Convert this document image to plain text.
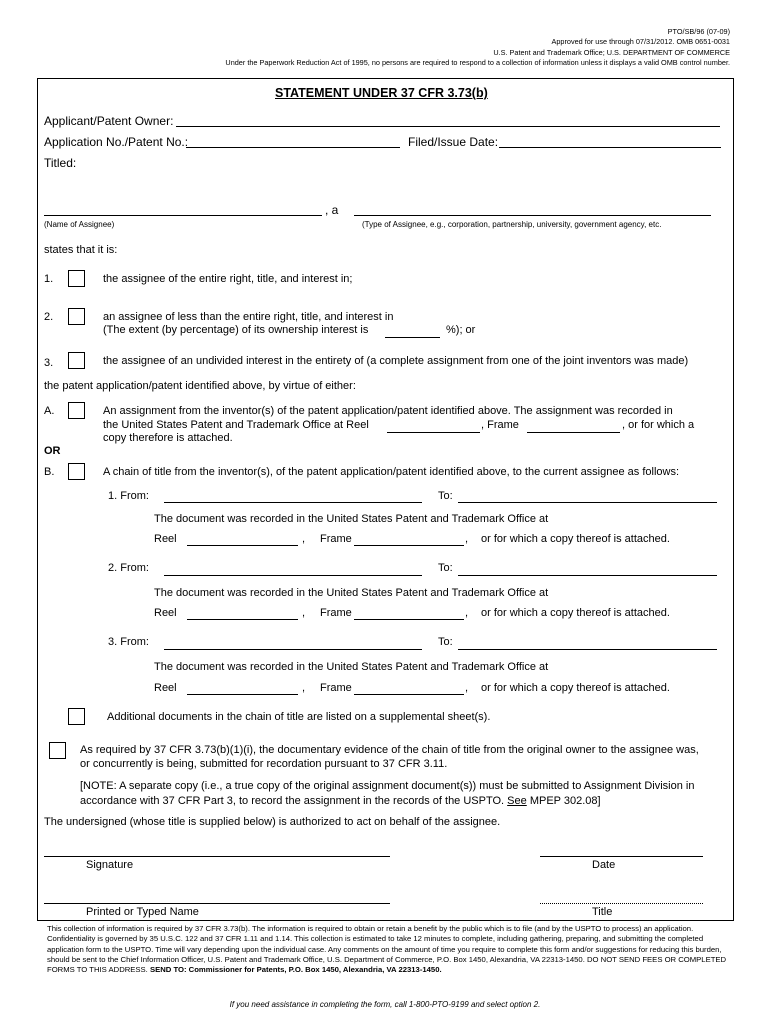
PTO/SB/96 (07-09)
Approved for use through 07/31/2012. OMB 0651-0031
U.S. Patent and Trademark Office; U.S. DEPARTMENT OF COMMERCE
Under the Paperwork Reduction Act of 1995, no persons are required to respond to a collection of information unless it displays a valid OMB control number.
STATEMENT UNDER 37 CFR 3.73(b)
Applicant/Patent Owner:
Application No./Patent No.:	Filed/Issue Date:
Titled:
, a
(Name of Assignee)	(Type of Assignee, e.g., corporation, partnership, university, government agency, etc.
states that it is:
1.	the assignee of the entire right, title, and interest in;
2.	an assignee of less than the entire right, title, and interest in
(The extent (by percentage) of its ownership interest is	%); or
3.	the assignee of an undivided interest in the entirety of (a complete assignment from one of the joint inventors was made)
the patent application/patent identified above, by virtue of either:
A.	An assignment from the inventor(s) of the patent application/patent identified above. The assignment was recorded in
the United States Patent and Trademark Office at Reel	, Frame	, or for which a
copy therefore is attached.
OR
B.	A chain of title from the inventor(s), of the patent application/patent identified above, to the current assignee as follows:
1. From:	To:
The document was recorded in the United States Patent and Trademark Office at
Reel	, Frame	, or for which a copy thereof is attached.
2. From:	To:
The document was recorded in the United States Patent and Trademark Office at
Reel	, Frame	, or for which a copy thereof is attached.
3. From:	To:
The document was recorded in the United States Patent and Trademark Office at
Reel	, Frame	, or for which a copy thereof is attached.
Additional documents in the chain of title are listed on a supplemental sheet(s).
As required by 37 CFR 3.73(b)(1)(i), the documentary evidence of the chain of title from the original owner to the assignee was,
or concurrently is being, submitted for recordation pursuant to 37 CFR 3.11.
[NOTE: A separate copy (i.e., a true copy of the original assignment document(s)) must be submitted to Assignment Division in
accordance with 37 CFR Part 3, to record the assignment in the records of the USPTO. See MPEP 302.08]
The undersigned (whose title is supplied below) is authorized to act on behalf of the assignee.
Signature	Date
Printed or Typed Name	Title
This collection of information is required by 37 CFR 3.73(b). The information is required to obtain or retain a benefit by the public which is to file (and by the USPTO to process) an application. Confidentiality is governed by 35 U.S.C. 122 and 37 CFR 1.11 and 1.14. This collection is estimated to take 12 minutes to complete, including gathering, preparing, and submitting the completed application form to the USPTO. Time will vary depending upon the individual case. Any comments on the amount of time you require to complete this form and/or suggestions for reducing this burden, should be sent to the Chief Information Officer, U.S. Patent and Trademark Office, U.S. Department of Commerce, P.O. Box 1450, Alexandria, VA 22313-1450. DO NOT SEND FEES OR COMPLETED FORMS TO THIS ADDRESS. SEND TO: Commissioner for Patents, P.O. Box 1450, Alexandria, VA 22313-1450.
If you need assistance in completing the form, call 1-800-PTO-9199 and select option 2.
